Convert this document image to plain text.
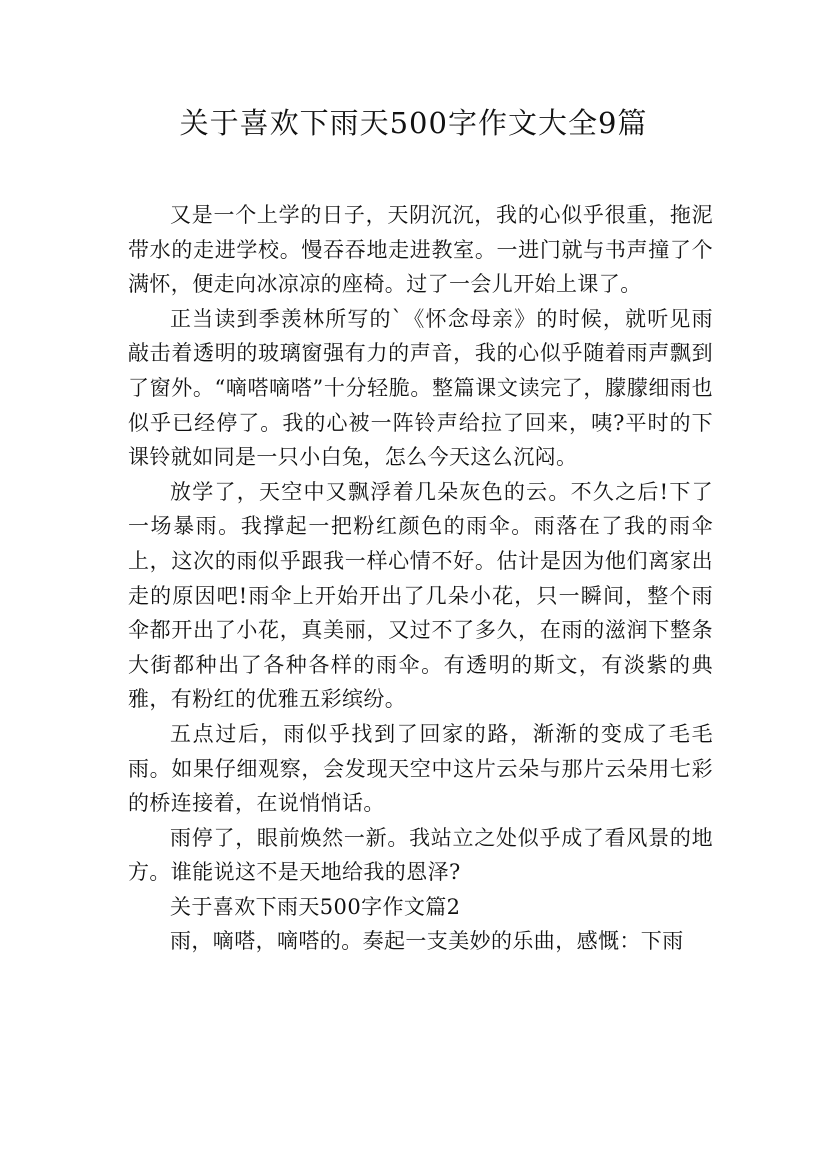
关于喜欢下雨天500字作文大全9篇

又是一个上学的日子，天阴沉沉，我的心似乎很重，拖泥带水的走进学校。慢吞吞地走进教室。一进门就与书声撞了个满怀，便走向冰凉凉的座椅。过了一会儿开始上课了。

正当读到季羡林所写的`《怀念母亲》的时候，就听见雨敲击着透明的玻璃窗强有力的声音，我的心似乎随着雨声飘到了窗外。“嘀嗒嘀嗒”十分轻脆。整篇课文读完了，朦朦细雨也似乎已经停了。我的心被一阵铃声给拉了回来，咦?平时的下课铃就如同是一只小白兔，怎么今天这么沉闷。

放学了，天空中又飘浮着几朵灰色的云。不久之后!下了一场暴雨。我撑起一把粉红颜色的雨伞。雨落在了我的雨伞上，这次的雨似乎跟我一样心情不好。估计是因为他们离家出走的原因吧!雨伞上开始开出了几朵小花，只一瞬间，整个雨伞都开出了小花，真美丽，又过不了多久，在雨的滋润下整条大街都种出了各种各样的雨伞。有透明的斯文，有淡紫的典雅，有粉红的优雅五彩缤纷。

五点过后，雨似乎找到了回家的路，渐渐的变成了毛毛雨。如果仔细观察，会发现天空中这片云朵与那片云朵用七彩的桥连接着，在说悄悄话。

雨停了，眼前焕然一新。我站立之处似乎成了看风景的地方。谁能说这不是天地给我的恩泽?

关于喜欢下雨天500字作文篇2

雨，嘀嗒，嘀嗒的。奏起一支美妙的乐曲，感慨：下雨
